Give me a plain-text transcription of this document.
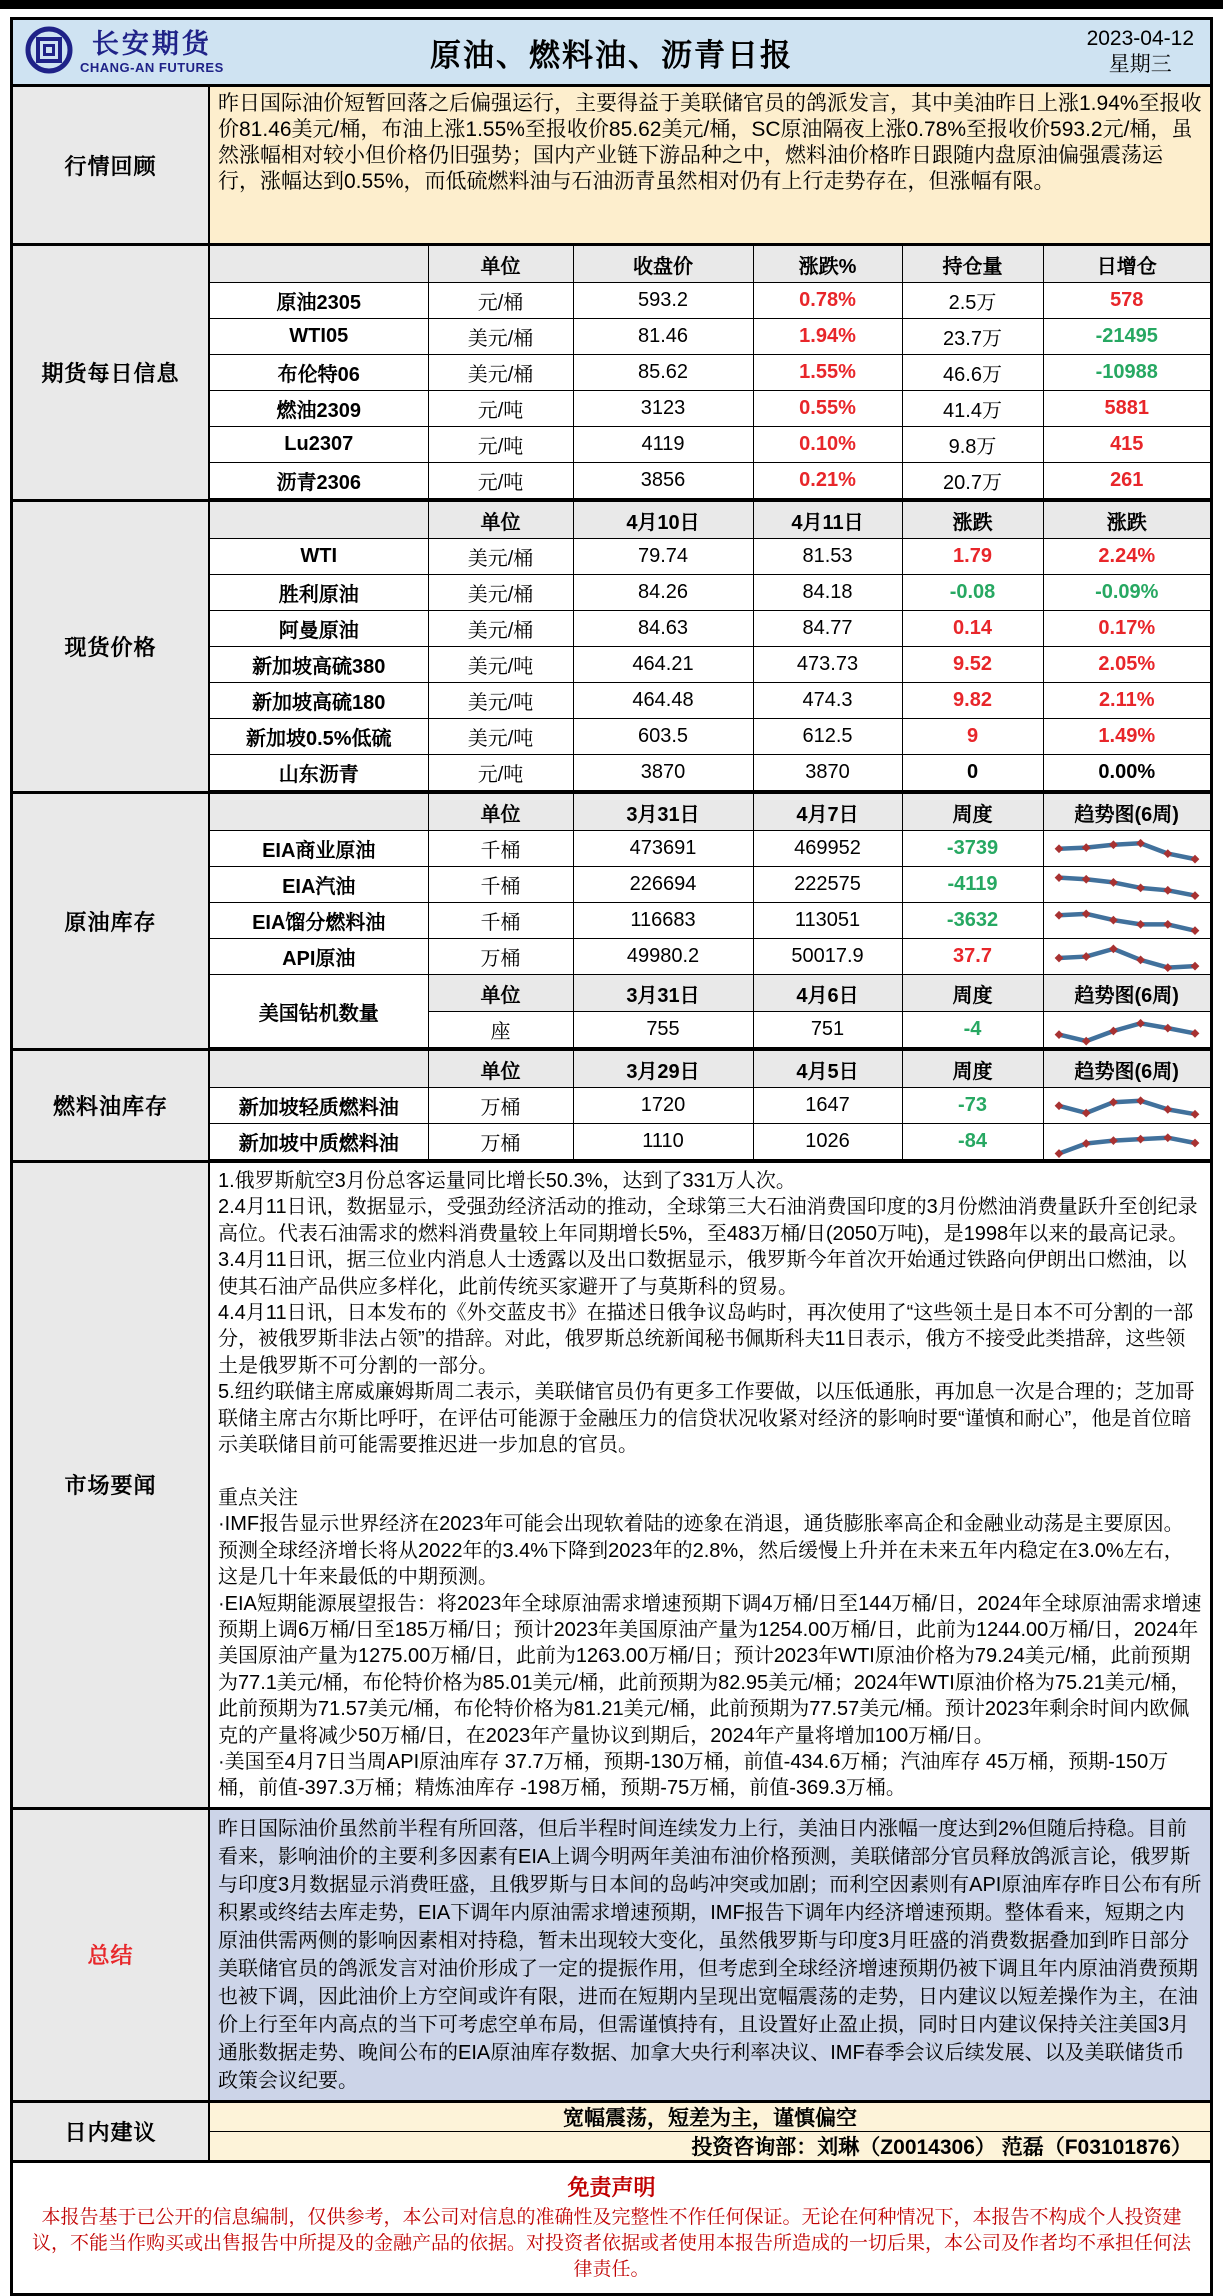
长安期货
CHANG-AN FUTURES	原油、燃料油、沥青日报	2023-04-12
星期三
行情回顾
昨日国际油价短暂回落之后偏强运行，主要得益于美联储官员的鸽派发言，其中美油昨日上涨1.94%至报收价81.46美元/桶，布油上涨1.55%至报收价85.62美元/桶，SC原油隔夜上涨0.78%至报收价593.2元/桶，虽然涨幅相对较小但价格仍旧强势；国内产业链下游品种之中，燃料油价格昨日跟随内盘原油偏强震荡运行，涨幅达到0.55%，而低硫燃料油与石油沥青虽然相对仍有上行走势存在，但涨幅有限。
期货每日信息
	单位	收盘价	涨跌%	持仓量	日增仓
原油2305	元/桶	593.2	0.78%	2.5万	578
WTI05	美元/桶	81.46	1.94%	23.7万	-21495
布伦特06	美元/桶	85.62	1.55%	46.6万	-10988
燃油2309	元/吨	3123	0.55%	41.4万	5881
Lu2307	元/吨	4119	0.10%	9.8万	415
沥青2306	元/吨	3856	0.21%	20.7万	261
现货价格
	单位	4月10日	4月11日	涨跌	涨跌
WTI	美元/桶	79.74	81.53	1.79	2.24%
胜利原油	美元/桶	84.26	84.18	-0.08	-0.09%
阿曼原油	美元/桶	84.63	84.77	0.14	0.17%
新加坡高硫380	美元/吨	464.21	473.73	9.52	2.05%
新加坡高硫180	美元/吨	464.48	474.3	9.82	2.11%
新加坡0.5%低硫	美元/吨	603.5	612.5	9	1.49%
山东沥青	元/吨	3870	3870	0	0.00%
原油库存
	单位	3月31日	4月7日	周度	趋势图(6周)
EIA商业原油	千桶	473691	469952	-3739	

EIA汽油	千桶	226694	222575	-4119	

EIA馏分燃料油	千桶	116683	113051	-3632	

API原油	万桶	49980.2	50017.9	37.7	

美国钻机数量	单位	3月31日	4月6日	周度	趋势图(6周)
	座	755	751	-4	
燃料油库存
	单位	3月29日	4月5日	周度	趋势图(6周)
新加坡轻质燃料油	万桶	1720	1647	-73	

新加坡中质燃料油	万桶	1110	1026	-84	
市场要闻
1.俄罗斯航空3月份总客运量同比增长50.3%，达到了331万人次。
2.4月11日讯，数据显示，受强劲经济活动的推动，全球第三大石油消费国印度的3月份燃油消费量跃升至创纪录高位。代表石油需求的燃料消费量较上年同期增长5%，至483万桶/日(2050万吨)，是1998年以来的最高记录。
3.4月11日讯，据三位业内消息人士透露以及出口数据显示，俄罗斯今年首次开始通过铁路向伊朗出口燃油，以使其石油产品供应多样化，此前传统买家避开了与莫斯科的贸易。
4.4月11日讯，日本发布的《外交蓝皮书》在描述日俄争议岛屿时，再次使用了“这些领土是日本不可分割的一部分，被俄罗斯非法占领”的措辞。对此，俄罗斯总统新闻秘书佩斯科夫11日表示，俄方不接受此类措辞，这些领土是俄罗斯不可分割的一部分。
5.纽约联储主席威廉姆斯周二表示，美联储官员仍有更多工作要做，以压低通胀，再加息一次是合理的；芝加哥联储主席古尔斯比呼吁，在评估可能源于金融压力的信贷状况收紧对经济的影响时要“谨慎和耐心”，他是首位暗示美联储目前可能需要推迟进一步加息的官员。

重点关注
·IMF报告显示世界经济在2023年可能会出现软着陆的迹象在消退，通货膨胀率高企和金融业动荡是主要原因。预测全球经济增长将从2022年的3.4%下降到2023年的2.8%，然后缓慢上升并在未来五年内稳定在3.0%左右，这是几十年来最低的中期预测。
·EIA短期能源展望报告：将2023年全球原油需求增速预期下调4万桶/日至144万桶/日，2024年全球原油需求增速预期上调6万桶/日至185万桶/日；预计2023年美国原油产量为1254.00万桶/日，此前为1244.00万桶/日，2024年美国原油产量为1275.00万桶/日，此前为1263.00万桶/日；预计2023年WTI原油价格为79.24美元/桶，此前预期为77.1美元/桶，布伦特价格为85.01美元/桶，此前预期为82.95美元/桶；2024年WTI原油价格为75.21美元/桶，此前预期为71.57美元/桶，布伦特价格为81.21美元/桶，此前预期为77.57美元/桶。预计2023年剩余时间内欧佩克的产量将减少50万桶/日，在2023年产量协议到期后，2024年产量将增加100万桶/日。
·美国至4月7日当周API原油库存 37.7万桶，预期-130万桶，前值-434.6万桶；汽油库存 45万桶，预期-150万桶，前值-397.3万桶；精炼油库存 -198万桶，预期-75万桶，前值-369.3万桶。
总结
昨日国际油价虽然前半程有所回落，但后半程时间连续发力上行，美油日内涨幅一度达到2%但随后持稳。目前看来，影响油价的主要利多因素有EIA上调今明两年美油布油价格预测，美联储部分官员释放鸽派言论，俄罗斯与印度3月数据显示消费旺盛，且俄罗斯与日本间的岛屿冲突或加剧；而利空因素则有API原油库存昨日公布有所积累或终结去库走势，EIA下调年内原油需求增速预期，IMF报告下调年内经济增速预期。整体看来，短期之内原油供需两侧的影响因素相对持稳，暂未出现较大变化，虽然俄罗斯与印度3月旺盛的消费数据叠加到昨日部分美联储官员的鸽派发言对油价形成了一定的提振作用，但考虑到全球经济增速预期仍被下调且年内原油消费预期也被下调，因此油价上方空间或许有限，进而在短期内呈现出宽幅震荡的走势，日内建议以短差操作为主，在油价上行至年内高点的当下可考虑空单布局，但需谨慎持有，且设置好止盈止损，同时日内建议保持关注美国3月通胀数据走势、晚间公布的EIA原油库存数据、加拿大央行利率决议、IMF春季会议后续发展、以及美联储货币政策会议纪要。
日内建议
宽幅震荡，短差为主，谨慎偏空
投资咨询部：刘琳（Z0014306） 范磊（F03101876）
免责声明
本报告基于已公开的信息编制，仅供参考，本公司对信息的准确性及完整性不作任何保证。无论在何种情况下，本报告不构成个人投资建议，不能当作购买或出售报告中所提及的金融产品的依据。对投资者依据或者使用本报告所造成的一切后果，本公司及作者均不承担任何法律责任。
